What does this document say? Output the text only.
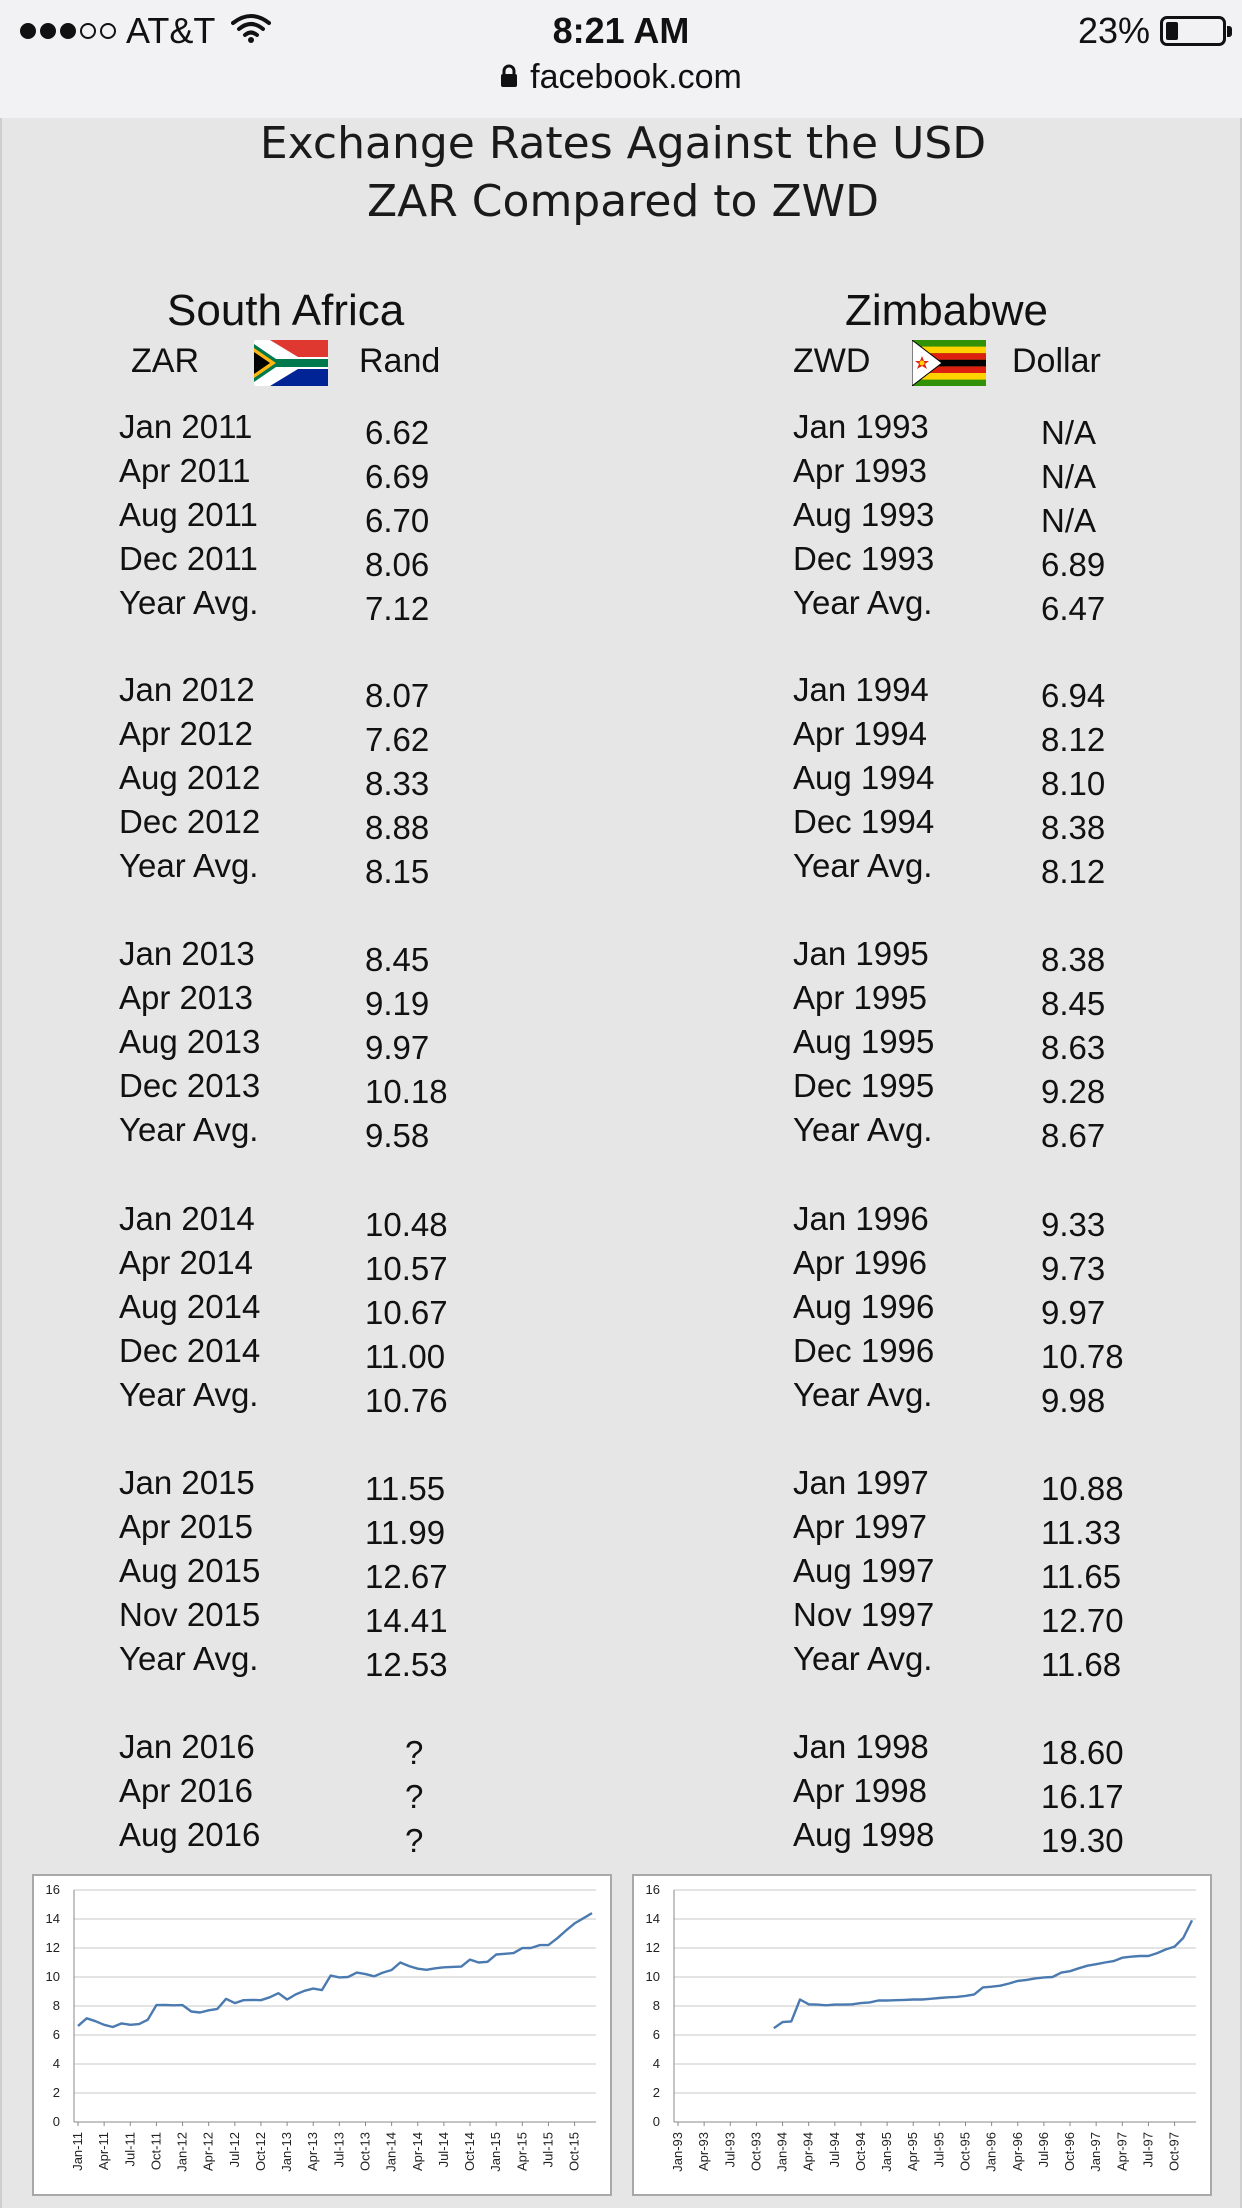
AT&T	8:21 AM	23%
facebook.com
Exchange Rates Against the USD
ZAR Compared to ZWD
South Africa
ZAR	Rand
Zimbabwe
ZWD	Dollar
Jan 2011	6.62
Apr 2011	6.69
Aug 2011	6.70
Dec 2011	8.06
Year Avg.	7.12
Jan 2012	8.07
Apr 2012	7.62
Aug 2012	8.33
Dec 2012	8.88
Year Avg.	8.15
Jan 2013	8.45
Apr 2013	9.19
Aug 2013	9.97
Dec 2013	10.18
Year Avg.	9.58
Jan 2014	10.48
Apr 2014	10.57
Aug 2014	10.67
Dec 2014	11.00
Year Avg.	10.76
Jan 2015	11.55
Apr 2015	11.99
Aug 2015	12.67
Nov 2015	14.41
Year Avg.	12.53
Jan 2016	?
Apr 2016	?
Aug 2016	?
Jan 1993	N/A
Apr 1993	N/A
Aug 1993	N/A
Dec 1993	6.89
Year Avg.	6.47
Jan 1994	6.94
Apr 1994	8.12
Aug 1994	8.10
Dec 1994	8.38
Year Avg.	8.12
Jan 1995	8.38
Apr 1995	8.45
Aug 1995	8.63
Dec 1995	9.28
Year Avg.	8.67
Jan 1996	9.33
Apr 1996	9.73
Aug 1996	9.97
Dec 1996	10.78
Year Avg.	9.98
Jan 1997	10.88
Apr 1997	11.33
Aug 1997	11.65
Nov 1997	12.70
Year Avg.	11.68
Jan 1998	18.60
Apr 1998	16.17
Aug 1998	19.30
0
2
4
6
8
10
12
14
16
Jan-11 Apr-11 Jul-11 Oct-11 Jan-12 Apr-12 Jul-12 Oct-12 Jan-13 Apr-13 Jul-13 Oct-13 Jan-14 Apr-14 Jul-14 Oct-14 Jan-15 Apr-15 Jul-15 Oct-15
0
2
4
6
8
10
12
14
16
Jan-93 Apr-93 Jul-93 Oct-93 Jan-94 Apr-94 Jul-94 Oct-94 Jan-95 Apr-95 Jul-95 Oct-95 Jan-96 Apr-96 Jul-96 Oct-96 Jan-97 Apr-97 Jul-97 Oct-97
